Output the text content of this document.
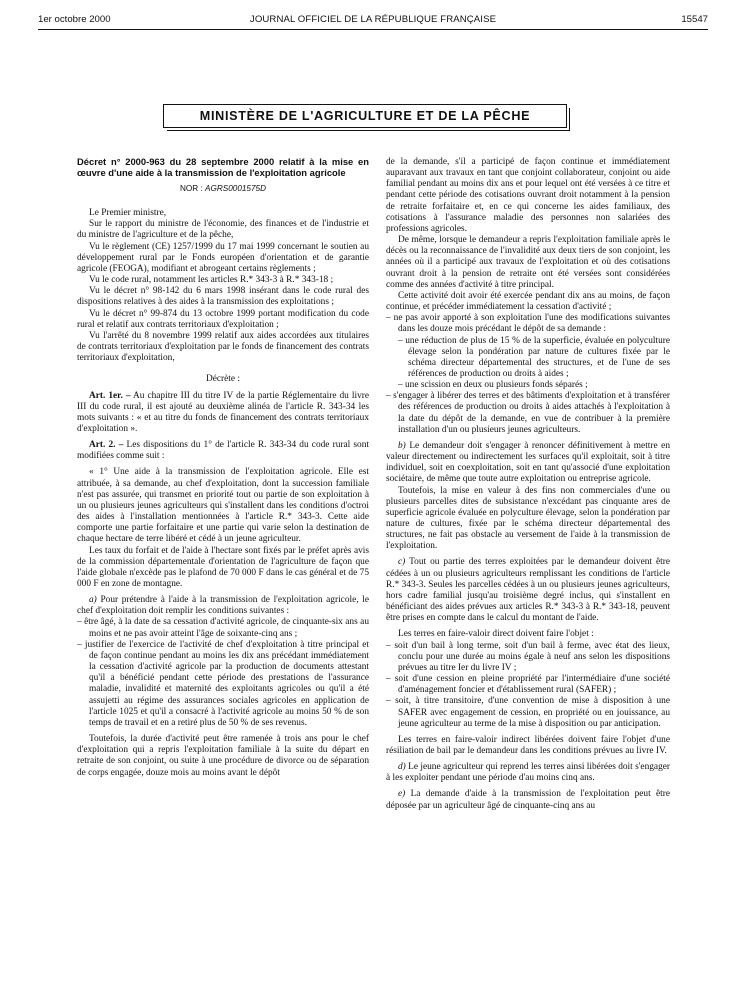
1er octobre 2000	JOURNAL OFFICIEL DE LA RÉPUBLIQUE FRANÇAISE	15547
MINISTÈRE DE L'AGRICULTURE ET DE LA PÊCHE

Décret n° 2000-963 du 28 septembre 2000 relatif à la mise en œuvre d'une aide à la transmission de l'exploitation agricole

NOR : AGRS0001575D

Le Premier ministre,

Sur le rapport du ministre de l'économie, des finances et de l'industrie et du ministre de l'agriculture et de la pêche,

Vu le règlement (CE) 1257/1999 du 17 mai 1999 concernant le soutien au développement rural par le Fonds européen d'orientation et de garantie agricole (FEOGA), modifiant et abrogeant certains règlements ;

Vu le code rural, notamment les articles R.* 343-3 à R.* 343-18 ;

Vu le décret n° 98-142 du 6 mars 1998 insérant dans le code rural des dispositions relatives à des aides à la transmission des exploitations ;

Vu le décret n° 99-874 du 13 octobre 1999 portant modification du code rural et relatif aux contrats territoriaux d'exploitation ;

Vu l'arrêté du 8 novembre 1999 relatif aux aides accordées aux titulaires de contrats territoriaux d'exploitation par le fonds de financement des contrats territoriaux d'exploitation,

Décrète :

Art. 1er. – Au chapitre III du titre IV de la partie Réglementaire du livre III du code rural, il est ajouté au deuxième alinéa de l'article R. 343-34 les mots suivants : « et au titre du fonds de financement des contrats territoriaux d'exploitation ».

Art. 2. – Les dispositions du 1° de l'article R. 343-34 du code rural sont modifiées comme suit :

« 1° Une aide à la transmission de l'exploitation agricole. Elle est attribuée, à sa demande, au chef d'exploitation, dont la succession familiale n'est pas assurée, qui transmet en priorité tout ou partie de son exploitation à un ou plusieurs jeunes agriculteurs qui s'installent dans les conditions d'octroi des aides à l'installation mentionnées à l'article R.* 343-3. Cette aide comporte une partie forfaitaire et une partie qui varie selon la destination de chaque hectare de terre libéré et cédé à un jeune agriculteur.

Les taux du forfait et de l'aide à l'hectare sont fixés par le préfet après avis de la commission départementale d'orientation de l'agriculture de façon que l'aide globale n'excède pas le plafond de 70 000 F dans le cas général et de 75 000 F en zone de montagne.

a) Pour prétendre à l'aide à la transmission de l'exploitation agricole, le chef d'exploitation doit remplir les conditions suivantes :

– être âgé, à la date de sa cessation d'activité agricole, de cinquante-six ans au moins et ne pas avoir atteint l'âge de soixante-cinq ans ;

– justifier de l'exercice de l'activité de chef d'exploitation à titre principal et de façon continue pendant au moins les dix ans précédant immédiatement la cessation d'activité agricole par la production de documents attestant qu'il a bénéficié pendant cette période des prestations de l'assurance maladie, invalidité et maternité des exploitants agricoles ou qu'il a été assujetti au régime des assurances sociales agricoles en application de l'article 1025 et qu'il a consacré à l'activité agricole au moins 50 % de son temps de travail et en a retiré plus de 50 % de ses revenus.

Toutefois, la durée d'activité peut être ramenée à trois ans pour le chef d'exploitation qui a repris l'exploitation familiale à la suite du départ en retraite de son conjoint, ou suite à une procédure de divorce ou de séparation de corps engagée, douze mois au moins avant le dépôt

de la demande, s'il a participé de façon continue et immédiatement auparavant aux travaux en tant que conjoint collaborateur, conjoint ou aide familial pendant au moins dix ans et pour lequel ont été versées à ce titre et pendant cette période des cotisations ouvrant droit notamment à la pension de retraite forfaitaire et, en ce qui concerne les aides familiaux, des cotisations à l'assurance maladie des personnes non salariées des professions agricoles.

De même, lorsque le demandeur a repris l'exploitation familiale après le décès ou la reconnaissance de l'invalidité aux deux tiers de son conjoint, les années où il a participé aux travaux de l'exploitation et où des cotisations ouvrant droit à la pension de retraite ont été versées sont considérées comme des années d'activité à titre principal.

Cette activité doit avoir été exercée pendant dix ans au moins, de façon continue, et précéder immédiatement la cessation d'activité ;

– ne pas avoir apporté à son exploitation l'une des modifications suivantes dans les douze mois précédant le dépôt de sa demande :

– une réduction de plus de 15 % de la superficie, évaluée en polyculture élevage selon la pondération par nature de cultures fixée par le schéma directeur départemental des structures, et de l'une de ses références de production ou droits à aides ;

– une scission en deux ou plusieurs fonds séparés ;

– s'engager à libérer des terres et des bâtiments d'exploitation et à transférer des références de production ou droits à aides attachés à l'exploitation à la date du dépôt de la demande, en vue de contribuer à la première installation d'un ou plusieurs jeunes agriculteurs.

b) Le demandeur doit s'engager à renoncer définitivement à mettre en valeur directement ou indirectement les surfaces qu'il exploitait, soit à titre individuel, soit en coexploitation, soit en tant qu'associé d'une exploitation sociétaire, de même que toute autre exploitation ou entreprise agricole.

Toutefois, la mise en valeur à des fins non commerciales d'une ou plusieurs parcelles dites de subsistance n'excédant pas cinquante ares de superficie agricole évaluée en polyculture élevage, selon la pondération par nature de cultures, fixée par le schéma directeur départemental des structures, ne fait pas obstacle au versement de l'aide à la transmission de l'exploitation.

c) Tout ou partie des terres exploitées par le demandeur doivent être cédées à un ou plusieurs agriculteurs remplissant les conditions de l'article R.* 343-3. Seules les parcelles cédées à un ou plusieurs jeunes agriculteurs, hors cadre familial jusqu'au troisième degré inclus, qui s'installent en bénéficiant des aides prévues aux articles R.* 343-3 à R.* 343-18, peuvent être prises en compte dans le calcul du montant de l'aide.

Les terres en faire-valoir direct doivent faire l'objet :

– soit d'un bail à long terme, soit d'un bail à ferme, avec état des lieux, conclu pour une durée au moins égale à neuf ans selon les dispositions prévues au titre Ier du livre IV ;

– soit d'une cession en pleine propriété par l'intermédiaire d'une société d'aménagement foncier et d'établissement rural (SAFER) ;

– soit, à titre transitoire, d'une convention de mise à disposition à une SAFER avec engagement de cession, en propriété ou en jouissance, au jeune agriculteur au terme de la mise à disposition ou par anticipation.

Les terres en faire-valoir indirect libérées doivent faire l'objet d'une résiliation de bail par le demandeur dans les conditions prévues au livre IV.

d) Le jeune agriculteur qui reprend les terres ainsi libérées doit s'engager à les exploiter pendant une période d'au moins cinq ans.

e) La demande d'aide à la transmission de l'exploitation peut être déposée par un agriculteur âgé de cinquante-cinq ans au
